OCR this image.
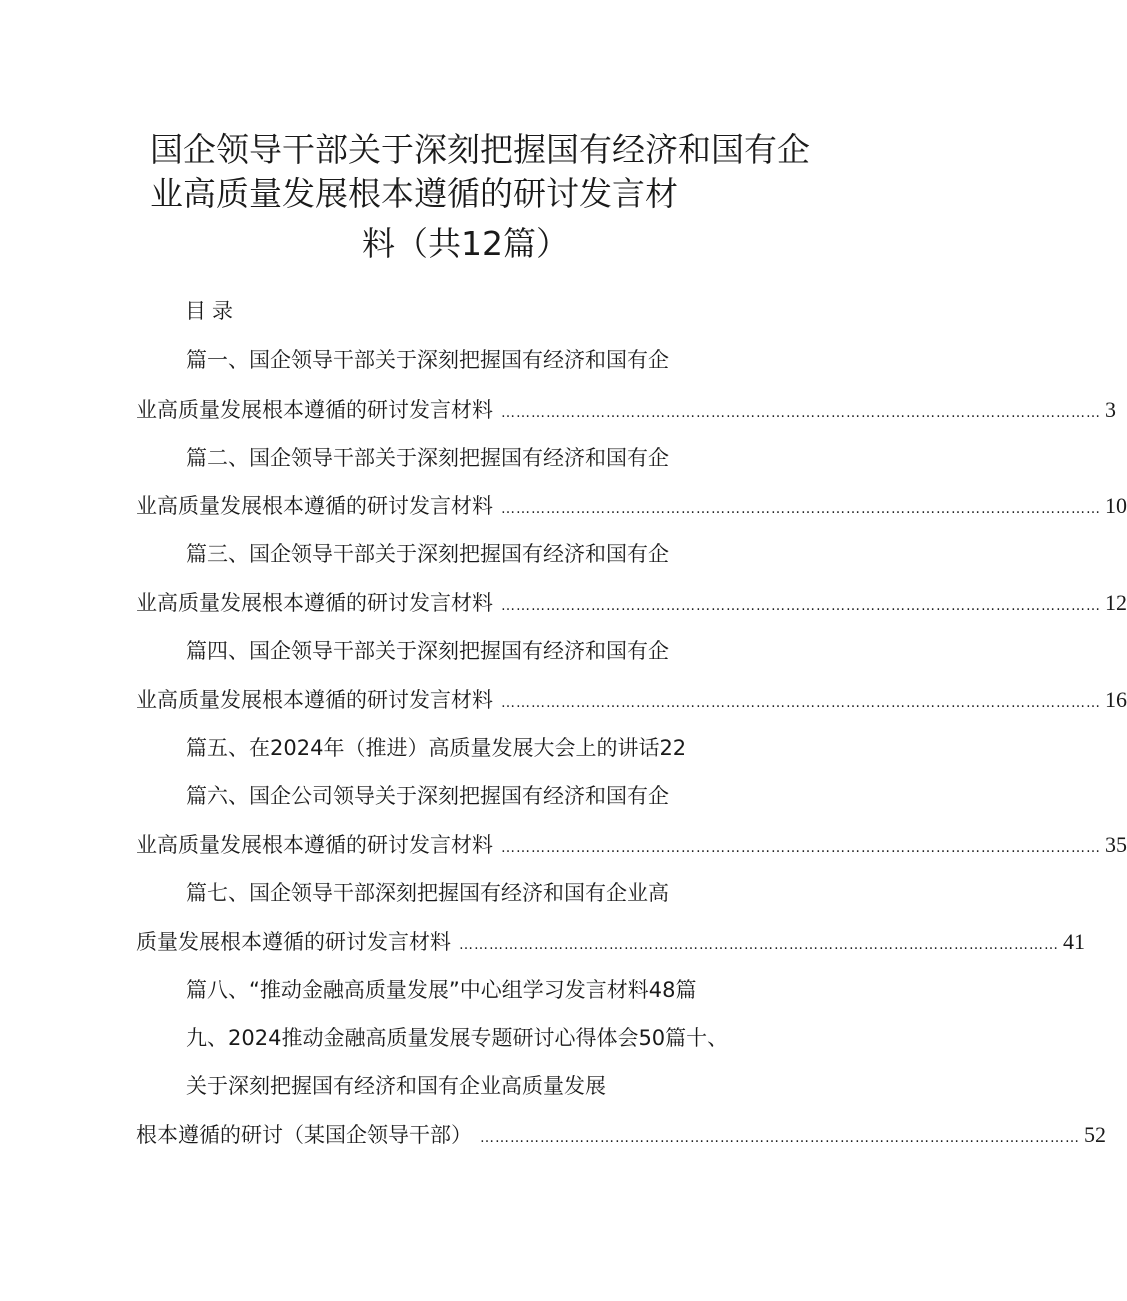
国企领导干部关于深刻把握国有经济和国有企
业高质量发展根本遵循的研讨发言材
料（共12篇）
目录
篇一、国企领导干部关于深刻把握国有经济和国有企
业高质量发展根本遵循的研讨发言材料 ………………………………………………………………………………………………………… 3
篇二、国企领导干部关于深刻把握国有经济和国有企
业高质量发展根本遵循的研讨发言材料 ………………………………………………………………………………………………………… 10
篇三、国企领导干部关于深刻把握国有经济和国有企
业高质量发展根本遵循的研讨发言材料 ………………………………………………………………………………………………………… 12
篇四、国企领导干部关于深刻把握国有经济和国有企
业高质量发展根本遵循的研讨发言材料 ………………………………………………………………………………………………………… 16
篇五、在2024年（推进）高质量发展大会上的讲话22
篇六、国企公司领导关于深刻把握国有经济和国有企
业高质量发展根本遵循的研讨发言材料 ………………………………………………………………………………………………………… 35
篇七、国企领导干部深刻把握国有经济和国有企业高
质量发展根本遵循的研讨发言材料 ………………………………………………………………………………………………………… 41
篇八、“推动金融高质量发展”中心组学习发言材料48篇
九、2024推动金融高质量发展专题研讨心得体会50篇十、
关于深刻把握国有经济和国有企业高质量发展
根本遵循的研讨（某国企领导干部） ………………………………………………………………………………………………………… 52
